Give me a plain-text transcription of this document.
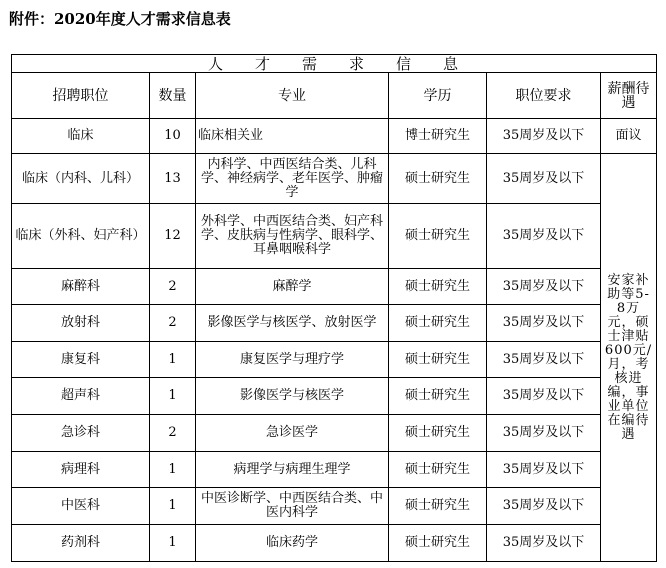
附件：2020年度人才需求信息表
人才需求信息					
招聘职位	数量	专业	学历	职位要求	薪酬待遇
临床	10	临床相关业	博士研究生	35周岁及以下	面议
临床（内科、儿科）	13	内科学、中西医结合类、儿科学、神经病学、老年医学、肿瘤学	硕士研究生	35周岁及以下	安家补助等5-8万元，硕士津贴600元/月，考核进编，事业单位在编待遇
临床（外科、妇产科）	12	外科学、中西医结合类、妇产科学、皮肤病与性病学、眼科学、耳鼻咽喉科学	硕士研究生	35周岁及以下	
麻醉科	2	麻醉学	硕士研究生	35周岁及以下	
放射科	2	影像医学与核医学、放射医学	硕士研究生	35周岁及以下	
康复科	1	康复医学与理疗学	硕士研究生	35周岁及以下	
超声科	1	影像医学与核医学	硕士研究生	35周岁及以下	
急诊科	2	急诊医学	硕士研究生	35周岁及以下	
病理科	1	病理学与病理生理学	硕士研究生	35周岁及以下	
中医科	1	中医诊断学、中西医结合类、中医内科学	硕士研究生	35周岁及以下	
药剂科	1	临床药学	硕士研究生	35周岁及以下	
